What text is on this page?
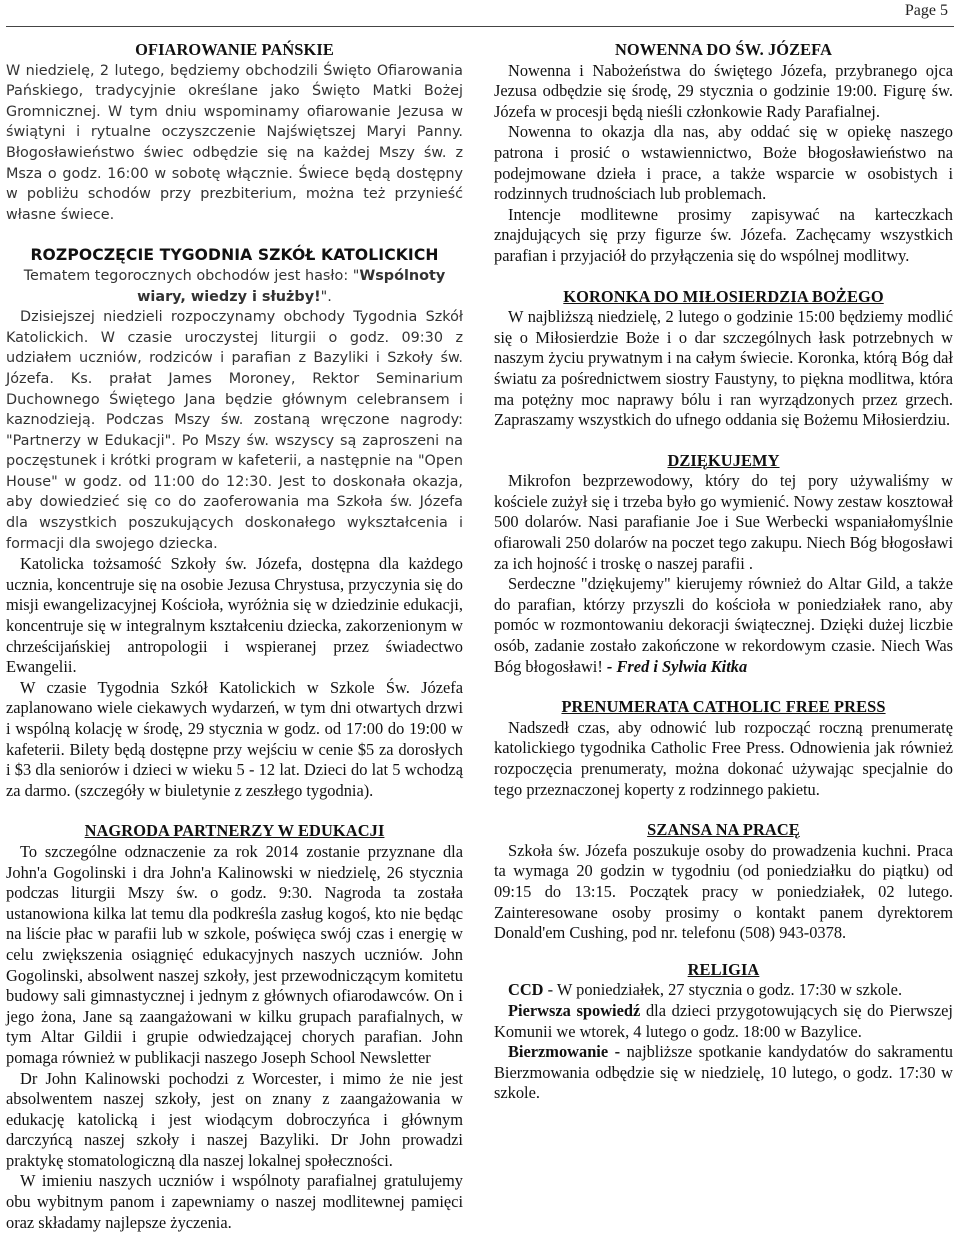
Page 5
OFIAROWANIE PAŃSKIE
W niedzielę, 2 lutego, będziemy obchodzili Święto Ofiarowania Pańskiego, tradycyjnie określane jako Święto Matki Bożej Gromnicznej. W tym dniu wspominamy ofiarowanie Jezusa w świątyni i rytualne oczyszczenie Najświętszej Maryi Panny. Błogosławieństwo świec odbędzie się na każdej Mszy św. z Msza o godz. 16:00 w sobotę włącznie. Świece będą dostępny w pobliżu schodów przy prezbiterium, można też przynieść własne świece.
ROZPOCZĘCIE TYGODNIA SZKÓŁ KATOLICKICH
Tematem tegorocznych obchodów jest hasło: "Wspólnoty wiary, wiedzy i służby!".
Dzisiejszej niedzieli rozpoczynamy obchody Tygodnia Szkół Katolickich. W czasie uroczystej liturgii o godz. 09:30 z udziałem uczniów, rodziców i parafian z Bazyliki i Szkoły św. Józefa. Ks. prałat James Moroney, Rektor Seminarium Duchownego Świętego Jana będzie głównym celebransem i kaznodzieją. Podczas Mszy św. zostaną wręczone nagrody: "Partnerzy w Edukacji". Po Mszy św. wszyscy są zaproszeni na poczęstunek i krótki program w kafeterii, a następnie na "Open House" w godz. od 11:00 do 12:30. Jest to doskonała okazja, aby dowiedzieć się co do zaoferowania ma Szkoła św. Józefa dla wszystkich poszukujących doskonałego wykształcenia i formacji dla swojego dziecka.
Katolicka tożsamość Szkoły św. Józefa, dostępna dla każdego ucznia, koncentruje się na osobie Jezusa Chrystusa, przyczynia się do misji ewangelizacyjnej Kościoła, wyróżnia się w dziedzinie edukacji, koncentruje się w integralnym kształceniu dziecka, zakorzenionym w chrześcijańskiej antropologii i wspieranej przez świadectwo Ewangelii.
W czasie Tygodnia Szkół Katolickich w Szkole Św. Józefa zaplanowano wiele ciekawych wydarzeń, w tym dni otwartych drzwi i wspólną kolację w środę, 29 stycznia w godz. od 17:00 do 19:00 w kafeterii. Bilety będą dostępne przy wejściu w cenie $5 za dorosłych i $3 dla seniorów i dzieci w wieku 5 - 12 lat. Dzieci do lat 5 wchodzą za darmo. (szczegóły w biuletynie z zeszłego tygodnia).
NAGRODA PARTNERZY W EDUKACJI
To szczególne odznaczenie za rok 2014 zostanie przyznane dla John'a Gogolinski i dra John'a Kalinowski w niedzielę, 26 stycznia podczas liturgii Mszy św. o godz. 9:30. Nagroda ta została ustanowiona kilka lat temu dla podkreśla zasług kogoś, kto nie będąc na liście płac w parafii lub w szkole, poświęca swój czas i energię w celu zwiększenia osiągnięć edukacyjnych naszych uczniów. John Gogolinski, absolwent naszej szkoły, jest przewodniczącym komitetu budowy sali gimnastycznej i jednym z głównych ofiarodawców. On i jego żona, Jane są zaangażowani w kilku grupach parafialnych, w tym Altar Gildii i grupie odwiedzającej chorych parafian. John pomaga również w publikacji naszego Joseph School Newsletter
Dr John Kalinowski pochodzi z Worcester, i mimo że nie jest absolwentem naszej szkoły, jest on znany z zaangażowania w edukację katolicką i jest wiodącym dobroczyńca i głównym darczyńcą naszej szkoły i naszej Bazyliki. Dr John prowadzi praktykę stomatologiczną dla naszej lokalnej społeczności.
W imieniu naszych uczniów i wspólnoty parafialnej gratulujemy obu wybitnym panom i zapewniamy o naszej modlitewnej pamięci oraz składamy najlepsze życzenia.
NOWENNA DO ŚW. JÓZEFA
Nowenna i Nabożeństwa do świętego Józefa, przybranego ojca Jezusa odbędzie się środę, 29 stycznia o godzinie 19:00. Figurę św. Józefa w procesji będą nieśli członkowie Rady Parafialnej.
Nowenna to okazja dla nas, aby oddać się w opiekę naszego patrona i prosić o wstawiennictwo, Boże błogosławieństwo na podejmowane dzieła i prace, a także wsparcie w osobistych i rodzinnych trudnościach lub problemach.
Intencje modlitewne prosimy zapisywać na karteczkach znajdujących się przy figurze św. Józefa. Zachęcamy wszystkich parafian i przyjaciół do przyłączenia się do wspólnej modlitwy.
KORONKA DO MIŁOSIERDZIA BOŻEGO
W najbliższą niedzielę, 2 lutego o godzinie 15:00 będziemy modlić się o Miłosierdzie Boże i o dar szczególnych łask potrzebnych w naszym życiu prywatnym i na całym świecie. Koronka, którą Bóg dał światu za pośrednictwem siostry Faustyny, to piękna modlitwa, która ma potężny moc naprawy bólu i ran wyrządzonych przez grzech. Zapraszamy wszystkich do ufnego oddania się Bożemu Miłosierdziu.
DZIĘKUJEMY
Mikrofon bezprzewodowy, który do tej pory używaliśmy w kościele zużył się i trzeba było go wymienić. Nowy zestaw kosztował 500 dolarów. Nasi parafianie Joe i Sue Werbecki wspaniałomyślnie ofiarowali 250 dolarów na poczet tego zakupu. Niech Bóg błogosławi za ich hojność i troskę o naszej parafii .
Serdeczne "dziękujemy" kierujemy również do Altar Gild, a także do parafian, którzy przyszli do kościoła w poniedziałek rano, aby pomóc w rozmontowaniu dekoracji świątecznej. Dzięki dużej liczbie osób, zadanie zostało zakończone w rekordowym czasie. Niech Was Bóg błogosławi! - Fred i Sylwia Kitka
PRENUMERATA CATHOLIC FREE PRESS
Nadszedł czas, aby odnowić lub rozpocząć roczną prenumeratę katolickiego tygodnika Catholic Free Press. Odnowienia jak również rozpoczęcia prenumeraty, można dokonać używając specjalnie do tego przeznaczonej koperty z rodzinnego pakietu.
SZANSA NA PRACĘ
Szkoła św. Józefa poszukuje osoby do prowadzenia kuchni. Praca ta wymaga 20 godzin w tygodniu (od poniedziałku do piątku) od 09:15 do 13:15. Początek pracy w poniedziałek, 02 lutego. Zainteresowane osoby prosimy o kontakt panem dyrektorem Donald'em Cushing, pod nr. telefonu (508) 943-0378.
RELIGIA
CCD - W poniedziałek, 27 stycznia o godz. 17:30 w szkole.
Pierwsza spowiedź dla dzieci przygotowujących się do Pierwszej Komunii we wtorek, 4 lutego o godz. 18:00 w Bazylice.
Bierzmowanie - najbliższe spotkanie kandydatów do sakramentu Bierzmowania odbędzie się w niedzielę, 10 lutego, o godz. 17:30 w szkole.
